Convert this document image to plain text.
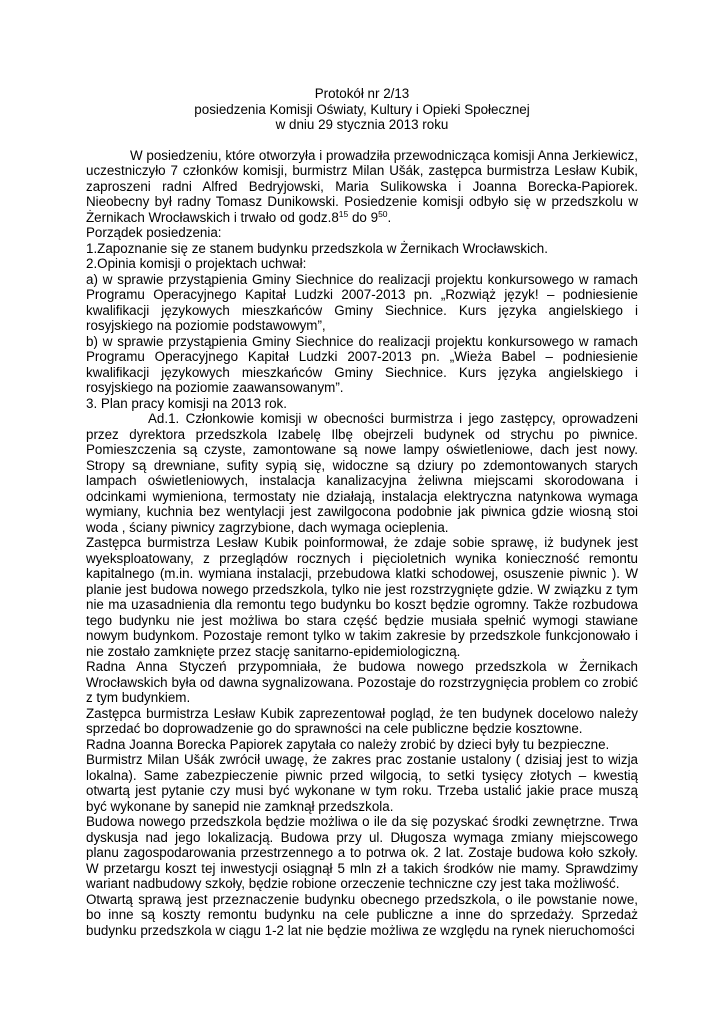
Protokół nr 2/13
posiedzenia Komisji Oświaty, Kultury i Opieki Społecznej
w dniu 29 stycznia 2013 roku
W posiedzeniu, które otworzyła i prowadziła przewodnicząca komisji Anna Jerkiewicz, uczestniczyło 7 członków komisji, burmistrz Milan Ušák, zastępca burmistrza Lesław Kubik, zaproszeni radni Alfred Bedryjowski, Maria Sulikowska i Joanna Borecka-Papiorek. Nieobecny był radny Tomasz Dunikowski. Posiedzenie komisji odbyło się w przedszkolu w Żernikach Wrocławskich i trwało od $godz.8^{15}$ do $9^{50}$.
Porządek posiedzenia:
1.Zapoznanie się ze stanem budynku przedszkola w Żernikach Wrocławskich.
2.Opinia komisji o projektach uchwał:
a) w sprawie przystąpienia Gminy Siechnice do realizacji projektu konkursowego w ramach Programu Operacyjnego Kapitał Ludzki 2007-2013 pn. „Rozwiąż język! – podniesienie kwalifikacji językowych mieszkańców Gminy Siechnice. Kurs języka angielskiego i rosyjskiego na poziomie podstawowym”,
b) w sprawie przystąpienia Gminy Siechnice do realizacji projektu konkursowego w ramach Programu Operacyjnego Kapitał Ludzki 2007-2013 pn. „Wieża Babel – podniesienie kwalifikacji językowych mieszkańców Gminy Siechnice. Kurs języka angielskiego i rosyjskiego na poziomie zaawansowanym”.
3. Plan pracy komisji na 2013 rok.
Ad.1. Członkowie komisji w obecności burmistrza i jego zastępcy, oprowadzeni przez dyrektora przedszkola Izabelę Ilbę obejrzeli budynek od strychu po piwnice. Pomieszczenia są czyste, zamontowane są nowe lampy oświetleniowe, dach jest nowy. Stropy są drewniane, sufity sypią się, widoczne są dziury po zdemontowanych starych lampach oświetleniowych, instalacja kanalizacyjna żeliwna miejscami skorodowana i odcinkami wymieniona, termostaty nie działają, instalacja elektryczna natynkowa wymaga wymiany, kuchnia bez wentylacji jest zawilgocona podobnie jak piwnica gdzie wiosną stoi woda , ściany piwnicy zagrzybione, dach wymaga ocieplenia.
Zastępca burmistrza Lesław Kubik poinformował, że zdaje sobie sprawę, iż budynek jest wyeksploatowany, z przeglądów rocznych i pięcioletnich wynika konieczność remontu kapitalnego (m.in. wymiana instalacji, przebudowa klatki schodowej, osuszenie piwnic ). W planie jest budowa nowego przedszkola, tylko nie jest rozstrzygnięte gdzie. W związku z tym nie ma uzasadnienia dla remontu tego budynku bo koszt będzie ogromny. Także rozbudowa tego budynku nie jest możliwa bo stara część będzie musiała spełnić wymogi stawiane nowym budynkom. Pozostaje remont tylko w takim zakresie by przedszkole funkcjonowało i nie zostało zamknięte przez stację sanitarno-epidemiologiczną.
Radna Anna Styczeń przypomniała, że budowa nowego przedszkola w Żernikach Wrocławskich była od dawna sygnalizowana. Pozostaje do rozstrzygnięcia problem co zrobić z tym budynkiem.
Zastępca burmistrza Lesław Kubik zaprezentował pogląd, że ten budynek docelowo należy sprzedać bo doprowadzenie go do sprawności na cele publiczne będzie kosztowne.
Radna Joanna Borecka Papiorek zapytała co należy zrobić by dzieci były tu bezpieczne.
Burmistrz Milan Ušák zwrócił uwagę, że zakres prac zostanie ustalony ( dzisiaj jest to wizja lokalna). Same zabezpieczenie piwnic przed wilgocią, to setki tysięcy złotych – kwestią otwartą jest pytanie czy musi być wykonane w tym roku. Trzeba ustalić jakie prace muszą być wykonane by sanepid nie zamknął przedszkola.
Budowa nowego przedszkola będzie możliwa o ile da się pozyskać środki zewnętrzne. Trwa dyskusja nad jego lokalizacją. Budowa przy ul. Długosza wymaga zmiany miejscowego planu zagospodarowania przestrzennego a to potrwa ok. 2 lat. Zostaje budowa koło szkoły. W przetargu koszt tej inwestycji osiągnął 5 mln zł a takich środków nie mamy. Sprawdzimy wariant nadbudowy szkoły, będzie robione orzeczenie techniczne czy jest taka możliwość.
Otwartą sprawą jest przeznaczenie budynku obecnego przedszkola, o ile powstanie nowe, bo inne są koszty remontu budynku na cele publiczne a inne do sprzedaży. Sprzedaż budynku przedszkola w ciągu 1-2 lat nie będzie możliwa ze względu na rynek nieruchomości
